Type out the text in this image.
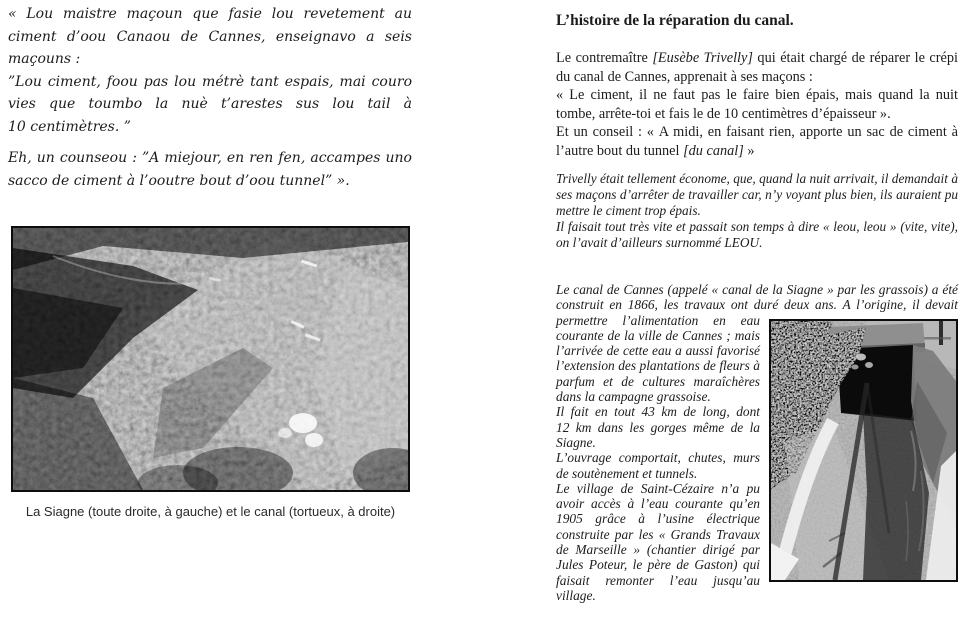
« Lou maistre maçoun que fasie lou revetement au ciment d’oou Canaou de Cannes, enseignavo a seis maçouns :

”Lou ciment, foou pas lou métrè tant espais, mai couro vies que toumbo la nuè t’arestes sus lou tail à 10 centimètres. ”

Eh, un counseou : ”A miejour, en ren fen, accampes uno sacco de ciment à l’ooutre bout d’oou tunnel” ».

La Siagne (toute droite, à gauche) et le canal (tortueux, à droite)
L’histoire de la réparation du canal.

Le contremaître [Eusèbe Trivelly] qui était chargé de réparer le crépi du canal de Cannes, apprenait à ses maçons :

« Le ciment, il ne faut pas le faire bien épais, mais quand la nuit tombe, arrête-toi et fais le de 10 centimètres d’épaisseur ».

Et un conseil : « A midi, en faisant rien, apporte un sac de ciment à l’autre bout du tunnel [du canal] »

Trivelly était tellement économe, que, quand la nuit arrivait, il demandait à ses maçons d’arrêter de travailler car, n’y voyant plus bien, ils auraient pu mettre le ciment trop épais.

Il faisait tout très vite et passait son temps à dire « leou, leou » (vite, vite), on l’avait d’ailleurs surnommé LEOU.

Le canal de Cannes (appelé « canal de la Siagne » par les grassois) a été construit en 1866, les travaux ont duré deux ans. A l’origine, il devait permettre l’alimentation en eau courante de la ville de Cannes ; mais l’arrivée de cette eau a aussi favorisé l’extension des plantations de fleurs à parfum et de cultures maraîchères dans la campagne grassoise.

Il fait en tout 43 km de long, dont 12 km dans les gorges même de la Siagne.

L’ouvrage comportait, chutes, murs de soutènement et tunnels.

Le village de Saint-Cézaire n’a pu avoir accès à l’eau courante qu’en 1905 grâce à l’usine électrique construite par les « Grands Travaux de Marseille » (chantier dirigé par Jules Poteur, le père de Gaston) qui faisait remonter l’eau jusqu’au village.
